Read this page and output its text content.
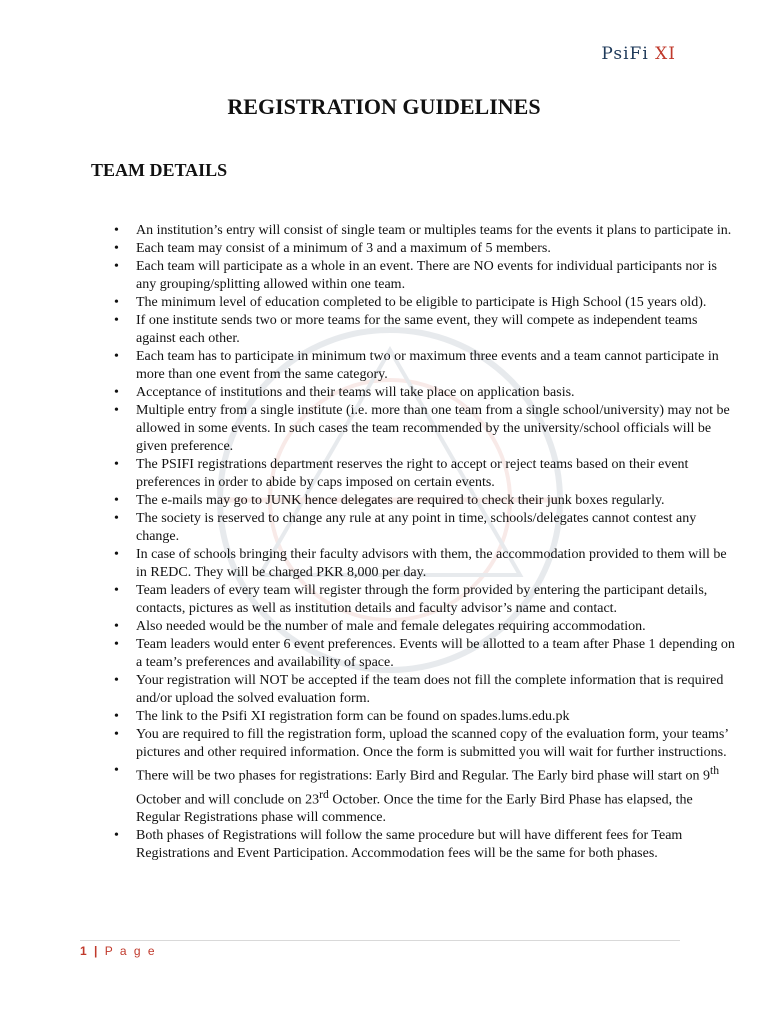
PsiFi XI
REGISTRATION GUIDELINES
TEAM DETAILS
• An institution’s entry will consist of single team or multiples teams for the events it plans to participate in.
• Each team may consist of a minimum of 3 and a maximum of 5 members.
• Each team will participate as a whole in an event. There are NO events for individual participants nor is any grouping/splitting allowed within one team.
• The minimum level of education completed to be eligible to participate is High School (15 years old).
• If one institute sends two or more teams for the same event, they will compete as independent teams against each other.
• Each team has to participate in minimum two or maximum three events and a team cannot participate in more than one event from the same category.
• Acceptance of institutions and their teams will take place on application basis.
• Multiple entry from a single institute (i.e. more than one team from a single school/university) may not be allowed in some events. In such cases the team recommended by the university/school officials will be given preference.
• The PSIFI registrations department reserves the right to accept or reject teams based on their event preferences in order to abide by caps imposed on certain events.
• The e-mails may go to JUNK hence delegates are required to check their junk boxes regularly.
• The society is reserved to change any rule at any point in time, schools/delegates cannot contest any change.
• In case of schools bringing their faculty advisors with them, the accommodation provided to them will be in REDC. They will be charged PKR 8,000 per day.
• Team leaders of every team will register through the form provided by entering the participant details, contacts, pictures as well as institution details and faculty advisor’s name and contact.
• Also needed would be the number of male and female delegates requiring accommodation.
• Team leaders would enter 6 event preferences. Events will be allotted to a team after Phase 1 depending on a team’s preferences and availability of space.
• Your registration will NOT be accepted if the team does not fill the complete information that is required and/or upload the solved evaluation form.
• The link to the Psifi XI registration form can be found on spades.lums.edu.pk
• You are required to fill the registration form, upload the scanned copy of the evaluation form, your teams’ pictures and other required information. Once the form is submitted you will wait for further instructions.
• There will be two phases for registrations: Early Bird and Regular. The Early bird phase will start on 9th October and will conclude on 23rd October. Once the time for the Early Bird Phase has elapsed, the Regular Registrations phase will commence.
• Both phases of Registrations will follow the same procedure but will have different fees for Team Registrations and Event Participation. Accommodation fees will be the same for both phases.
1 | P a g e
